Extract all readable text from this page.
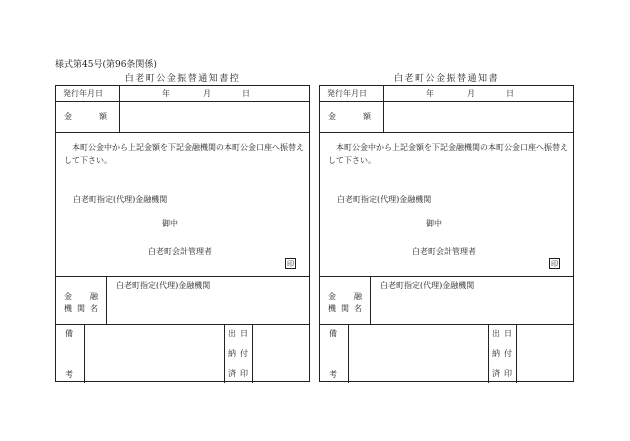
様式第45号(第96条関係)
白老町公金振替通知書控
発行年月日	年	月	日
金	額
本町公金中から上記金額を下記金融機関の本町公金口座へ振替えして下さい。
白老町指定(代理)金融機関
御中
白老町会計管理者
印
金 融
機 関 名
白老町指定(代理)金融機関
備
考
出 日
納 付
済 印
白老町公金振替通知書
発行年月日	年	月	日
金	額
本町公金中から上記金額を下記金融機関の本町公金口座へ振替えして下さい。
白老町指定(代理)金融機関
御中
白老町会計管理者
印
金 融
機 関 名
白老町指定(代理)金融機関
備
考
出 日
納 付
済 印
